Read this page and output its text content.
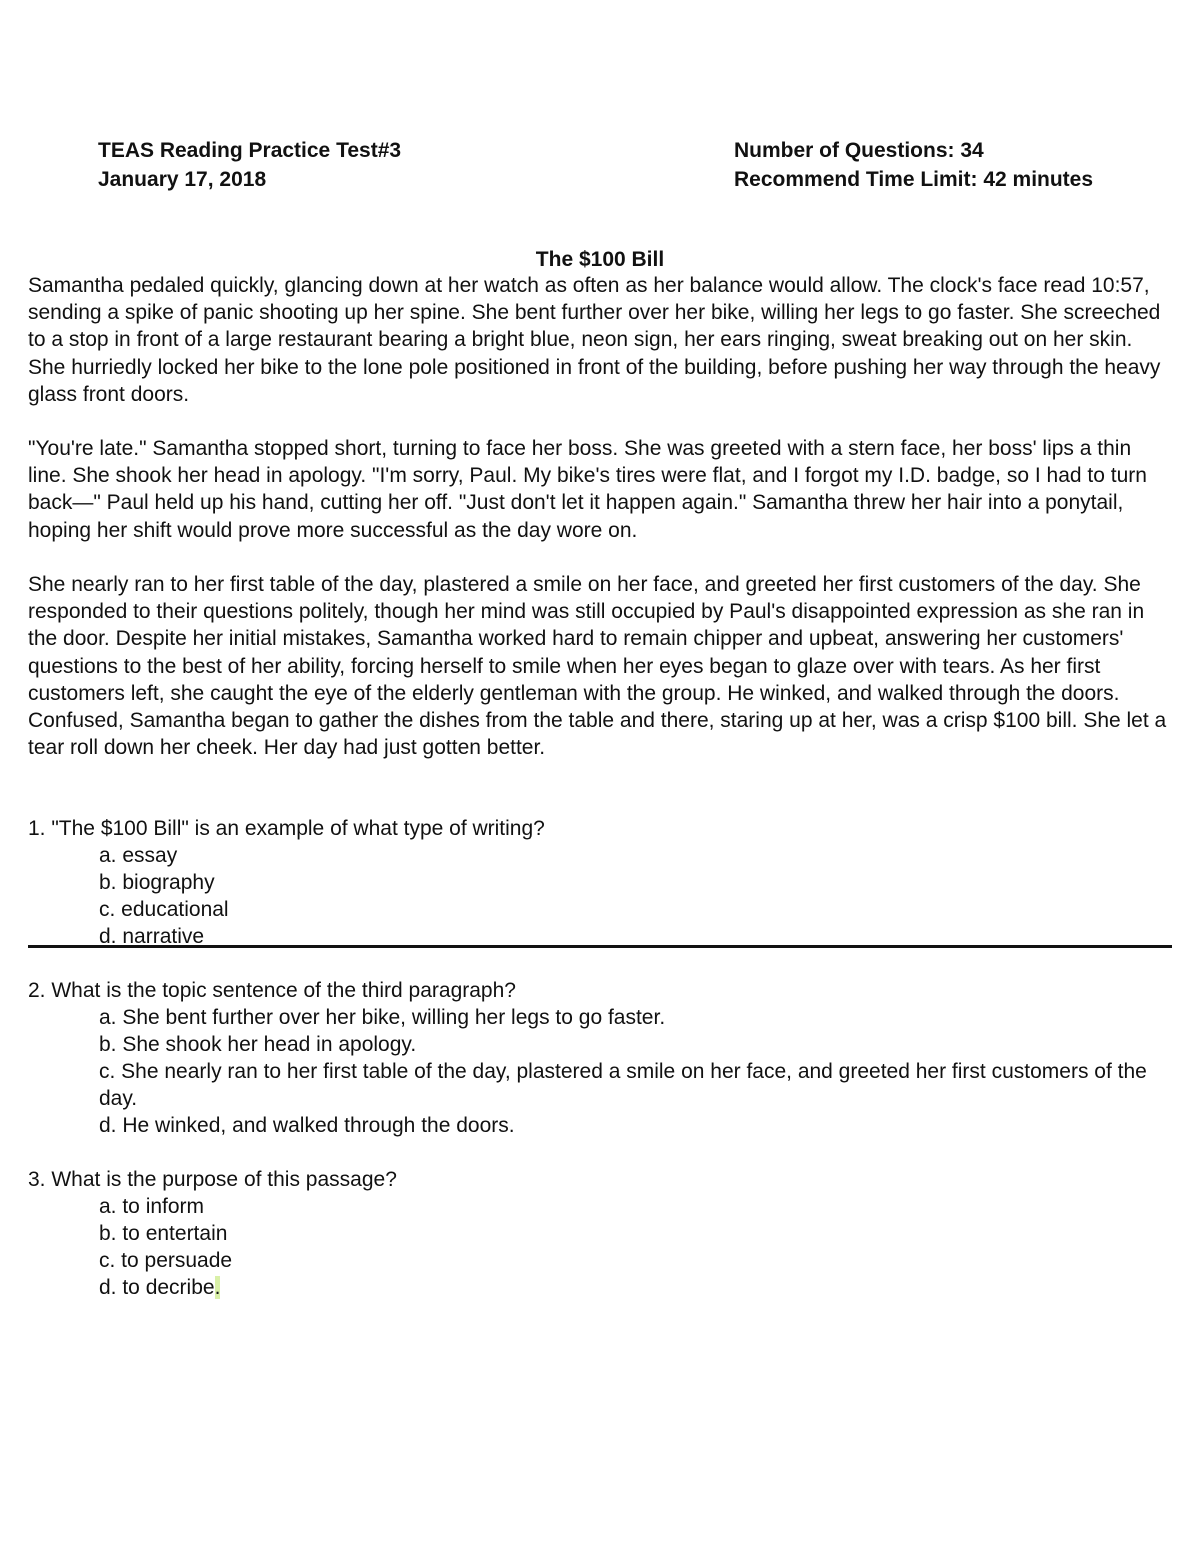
TEAS Reading Practice Test#3
January 17, 2018
Number of Questions: 34
Recommend Time Limit: 42 minutes
The $100 Bill

Samantha pedaled quickly, glancing down at her watch as often as her balance would allow. The clock's face read 10:57, sending a spike of panic shooting up her spine. She bent further over her bike, willing her legs to go faster. She screeched to a stop in front of a large restaurant bearing a bright blue, neon sign, her ears ringing, sweat breaking out on her skin. She hurriedly locked her bike to the lone pole positioned in front of the building, before pushing her way through the heavy glass front doors.

"You're late." Samantha stopped short, turning to face her boss. She was greeted with a stern face, her boss' lips a thin line. She shook her head in apology. "I'm sorry, Paul. My bike's tires were flat, and I forgot my I.D. badge, so I had to turn back—" Paul held up his hand, cutting her off. "Just don't let it happen again." Samantha threw her hair into a ponytail, hoping her shift would prove more successful as the day wore on.

She nearly ran to her first table of the day, plastered a smile on her face, and greeted her first customers of the day. She responded to their questions politely, though her mind was still occupied by Paul's disappointed expression as she ran in the door. Despite her initial mistakes, Samantha worked hard to remain chipper and upbeat, answering her customers' questions to the best of her ability, forcing herself to smile when her eyes began to glaze over with tears. As her first customers left, she caught the eye of the elderly gentleman with the group. He winked, and walked through the doors. Confused, Samantha began to gather the dishes from the table and there, staring up at her, was a crisp $100 bill. She let a tear roll down her cheek. Her day had just gotten better.

1. "The $100 Bill" is an example of what type of writing?
a. essay
b. biography
c. educational
d. narrative
2. What is the topic sentence of the third paragraph?
a. She bent further over her bike, willing her legs to go faster.
b. She shook her head in apology.
c. She nearly ran to her first table of the day, plastered a smile on her face, and greeted her first customers of the day.
d. He winked, and walked through the doors.
3. What is the purpose of this passage?
a. to inform
b. to entertain
c. to persuade
d. to decribe.
